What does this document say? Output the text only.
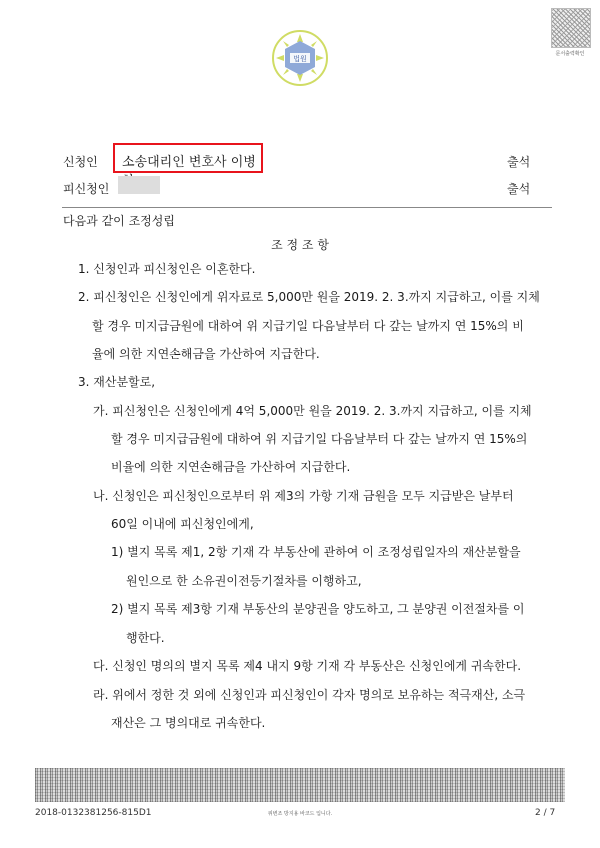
법원
문서출력확인
신청인 소송대리인 변호사 이병	출석
피신청인	출석
다음과 같이 조정성립
조 정 조 항
1. 신청인과 피신청인은 이혼한다.
2. 피신청인은 신청인에게 위자료로 5,000만 원을 2019. 2. 3.까지 지급하고, 이를 지체
할 경우 미지급금원에 대하여 위 지급기일 다음날부터 다 갚는 날까지 연 15%의 비
율에 의한 지연손해금을 가산하여 지급한다.
3. 재산분할로,
가. 피신청인은 신청인에게 4억 5,000만 원을 2019. 2. 3.까지 지급하고, 이를 지체
할 경우 미지급금원에 대하여 위 지급기일 다음날부터 다 갚는 날까지 연 15%의
비율에 의한 지연손해금을 가산하여 지급한다.
나. 신청인은 피신청인으로부터 위 제3의 가항 기재 금원을 모두 지급받은 날부터
60일 이내에 피신청인에게,
1) 별지 목록 제1, 2항 기재 각 부동산에 관하여 이 조정성립일자의 재산분할을
원인으로 한 소유권이전등기절차를 이행하고,
2) 별지 목록 제3항 기재 부동산의 분양권을 양도하고, 그 분양권 이전절차를 이
행한다.
다. 신청인 명의의 별지 목록 제4 내지 9항 기재 각 부동산은 신청인에게 귀속한다.
라. 위에서 정한 것 외에 신청인과 피신청인이 각자 명의로 보유하는 적극재산, 소극
재산은 그 명의대로 귀속한다.
2018-0132381256-815D1	위변조 방지용 바코드 입니다.	2 / 7
